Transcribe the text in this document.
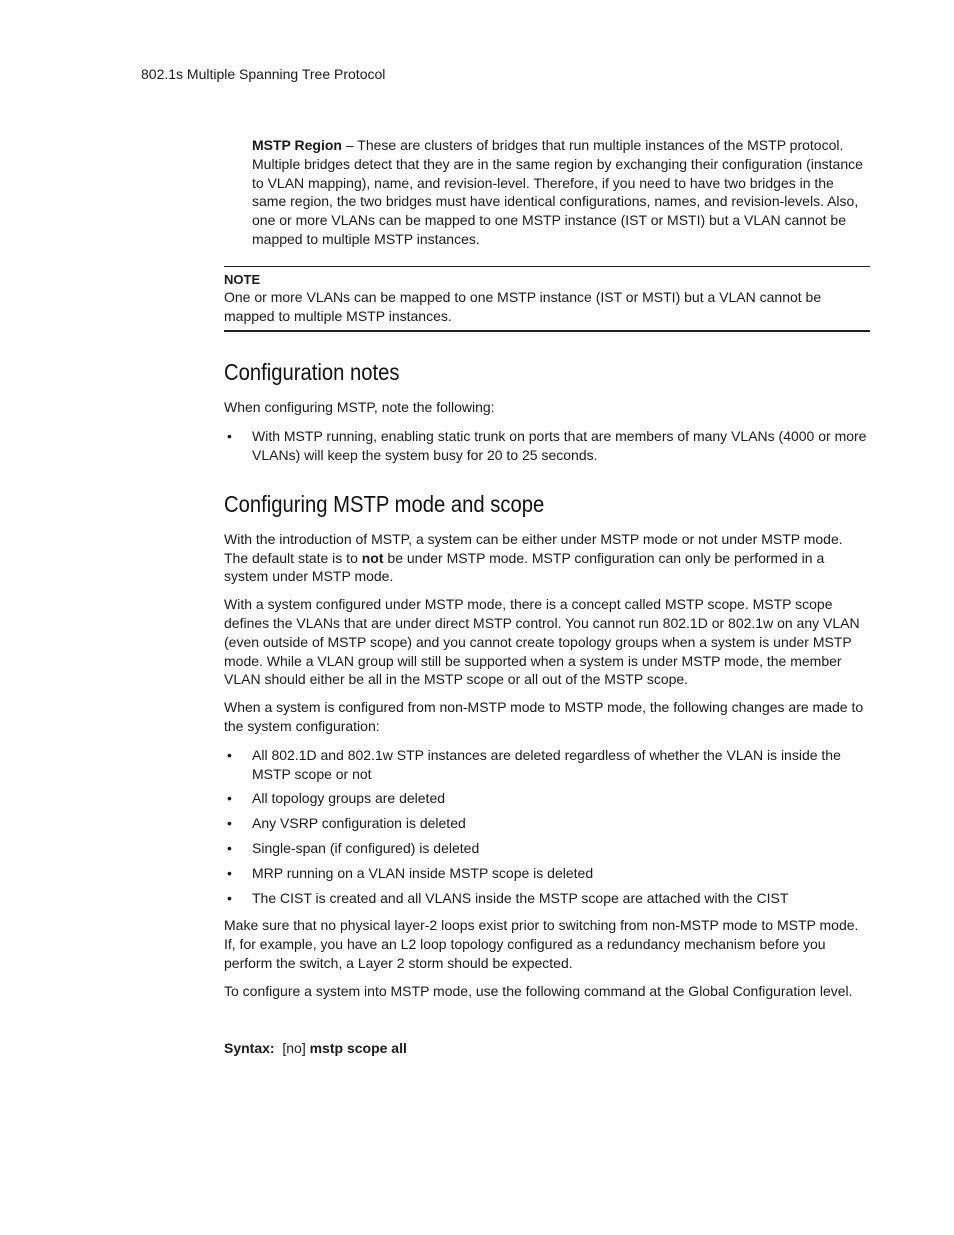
802.1s Multiple Spanning Tree Protocol

MSTP Region – These are clusters of bridges that run multiple instances of the MSTP protocol. Multiple bridges detect that they are in the same region by exchanging their configuration (instance to VLAN mapping), name, and revision-level. Therefore, if you need to have two bridges in the same region, the two bridges must have identical configurations, names, and revision-levels. Also, one or more VLANs can be mapped to one MSTP instance (IST or MSTI) but a VLAN cannot be mapped to multiple MSTP instances.

NOTE

One or more VLANs can be mapped to one MSTP instance (IST or MSTI) but a VLAN cannot be mapped to multiple MSTP instances.

Configuration notes

When configuring MSTP, note the following:

• With MSTP running, enabling static trunk on ports that are members of many VLANs (4000 or more VLANs) will keep the system busy for 20 to 25 seconds.
Configuring MSTP mode and scope

With the introduction of MSTP, a system can be either under MSTP mode or not under MSTP mode. The default state is to not be under MSTP mode. MSTP configuration can only be performed in a system under MSTP mode.

With a system configured under MSTP mode, there is a concept called MSTP scope. MSTP scope defines the VLANs that are under direct MSTP control. You cannot run 802.1D or 802.1w on any VLAN (even outside of MSTP scope) and you cannot create topology groups when a system is under MSTP mode. While a VLAN group will still be supported when a system is under MSTP mode, the member VLAN should either be all in the MSTP scope or all out of the MSTP scope.

When a system is configured from non-MSTP mode to MSTP mode, the following changes are made to the system configuration:

• All 802.1D and 802.1w STP instances are deleted regardless of whether the VLAN is inside the MSTP scope or not
• All topology groups are deleted
• Any VSRP configuration is deleted
• Single-span (if configured) is deleted
• MRP running on a VLAN inside MSTP scope is deleted
• The CIST is created and all VLANS inside the MSTP scope are attached with the CIST

Make sure that no physical layer-2 loops exist prior to switching from non-MSTP mode to MSTP mode. If, for example, you have an L2 loop topology configured as a redundancy mechanism before you perform the switch, a Layer 2 storm should be expected.

To configure a system into MSTP mode, use the following command at the Global Configuration level.

Syntax: [no] mstp scope all
